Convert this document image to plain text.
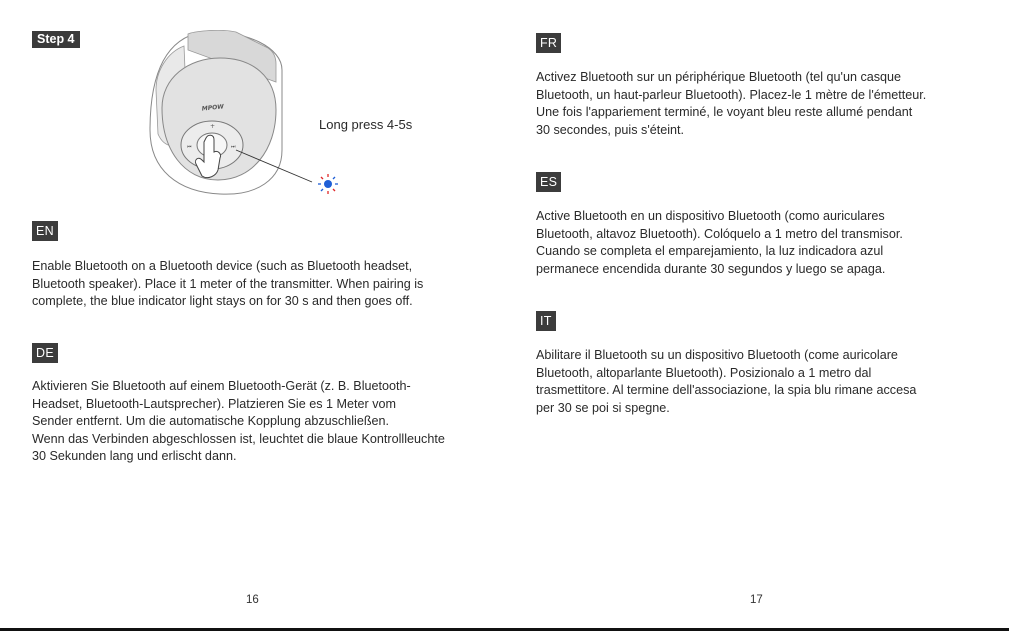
Step 4
MPOW
+
⏮	⏭
Long press 4-5s
EN
Enable Bluetooth on a Bluetooth device (such as Bluetooth headset,
Bluetooth speaker). Place it 1 meter of the transmitter. When pairing is
complete, the blue indicator light stays on for 30 s and then goes off.
DE
Aktivieren Sie Bluetooth auf einem Bluetooth-Gerät (z. B. Bluetooth-
Headset, Bluetooth-Lautsprecher). Platzieren Sie es 1 Meter vom
Sender entfernt. Um die automatische Kopplung abzuschließen.
Wenn das Verbinden abgeschlossen ist, leuchtet die blaue Kontrollleuchte
30 Sekunden lang und erlischt dann.
16
FR
Activez Bluetooth sur un périphérique Bluetooth (tel qu'un casque
Bluetooth, un haut-parleur Bluetooth). Placez-le 1 mètre de l'émetteur.
Une fois l'appariement terminé, le voyant bleu reste allumé pendant
30 secondes, puis s'éteint.
ES
Active Bluetooth en un dispositivo Bluetooth (como auriculares
Bluetooth, altavoz Bluetooth). Colóquelo a 1 metro del transmisor.
Cuando se completa el emparejamiento, la luz indicadora azul
permanece encendida durante 30 segundos y luego se apaga.
IT
Abilitare il Bluetooth su un dispositivo Bluetooth (come auricolare
Bluetooth, altoparlante Bluetooth). Posizionalo a 1 metro dal
trasmettitore. Al termine dell'associazione, la spia blu rimane accesa
per 30 se poi si spegne.
17
